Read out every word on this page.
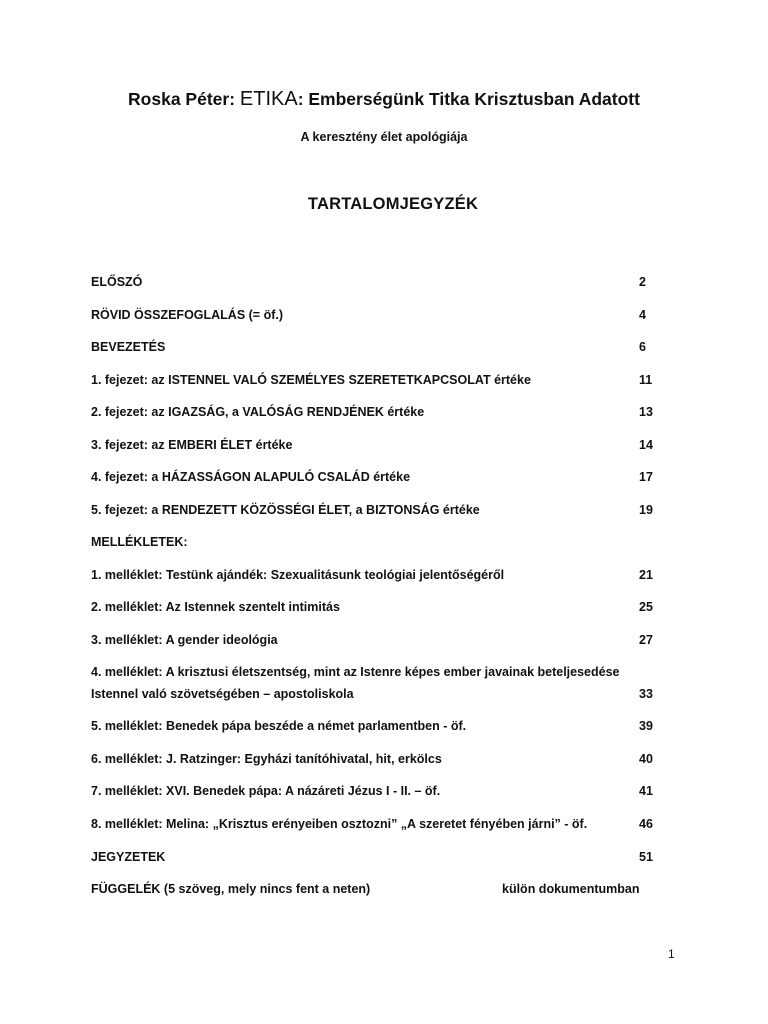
Roska Péter: ETIKA: Emberségünk Titka Krisztusban Adatott
A keresztény élet apológiája
TARTALOMJEGYZÉK
ELŐSZÓ	2
RÖVID ÖSSZEFOGLALÁS (= öf.)	4
BEVEZETÉS	6
1. fejezet: az ISTENNEL VALÓ SZEMÉLYES SZERETETKAPCSOLAT értéke	11
2. fejezet: az IGAZSÁG, a VALÓSÁG RENDJÉNEK értéke	13
3. fejezet: az EMBERI ÉLET értéke	14
4. fejezet: a HÁZASSÁGON ALAPULÓ CSALÁD értéke	17
5. fejezet: a RENDEZETT KÖZÖSSÉGI ÉLET, a BIZTONSÁG értéke	19
MELLÉKLETEK:
1. melléklet: Testünk ajándék: Szexualitásunk teológiai jelentőségéről	21
2. melléklet: Az Istennek szentelt intimitás	25
3. melléklet: A gender ideológia	27
4. melléklet: A krisztusi életszentség, mint az Istenre képes ember javainak beteljesedése
Istennel való szövetségében – apostoliskola	33
5. melléklet: Benedek pápa beszéde a német parlamentben - öf.	39
6. melléklet: J. Ratzinger: Egyházi tanítóhivatal, hit, erkölcs	40
7. melléklet: XVI. Benedek pápa: A názáreti Jézus I - II. – öf.	41
8. melléklet: Melina: „Krisztus erényeiben osztozni” „A szeretet fényében járni” - öf.	46
JEGYZETEK	51
FÜGGELÉK (5 szöveg, mely nincs fent a neten)	külön dokumentumban
1
